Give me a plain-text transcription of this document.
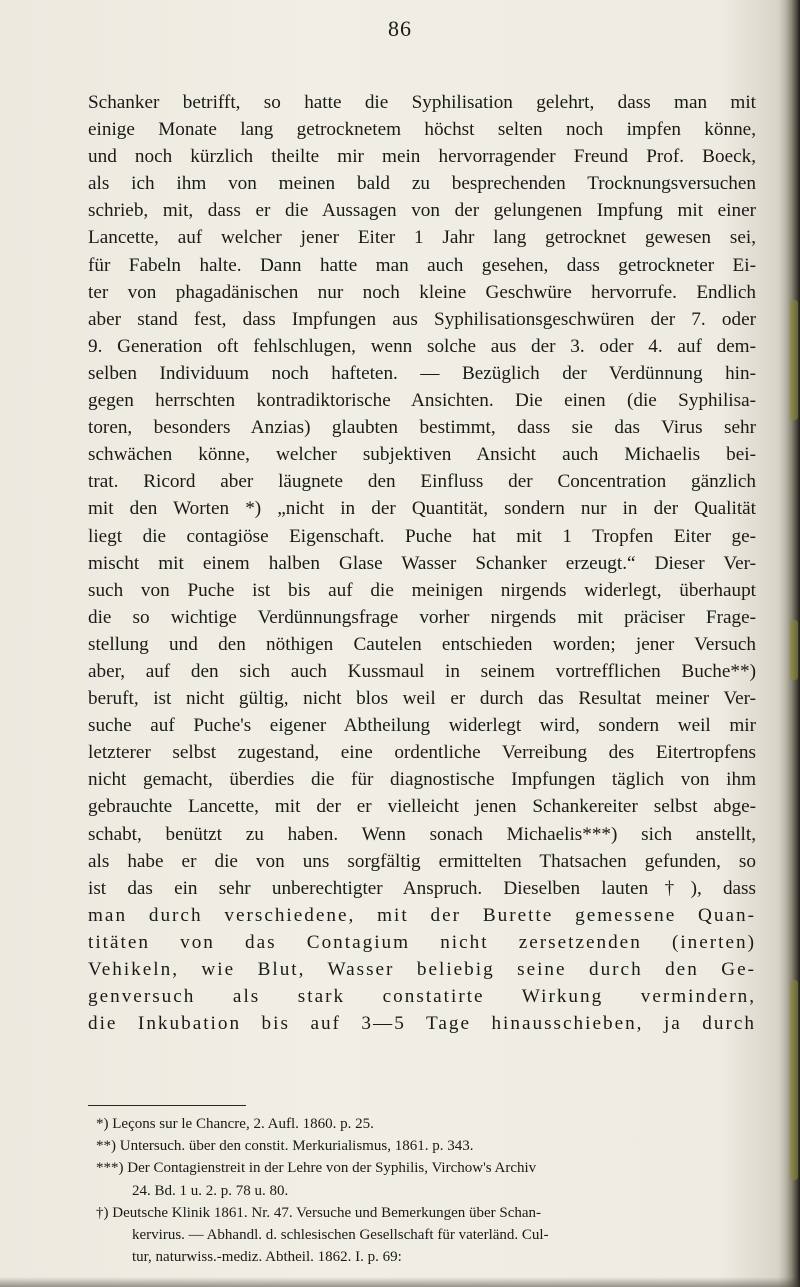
86
Schanker betrifft, so hatte die Syphilisation gelehrt, dass man mit
einige Monate lang getrocknetem höchst selten noch impfen könne,
und noch kürzlich theilte mir mein hervorragender Freund Prof. Boeck,
als ich ihm von meinen bald zu besprechenden Trocknungsversuchen
schrieb, mit, dass er die Aussagen von der gelungenen Impfung mit einer
Lancette, auf welcher jener Eiter 1 Jahr lang getrocknet gewesen sei,
für Fabeln halte. Dann hatte man auch gesehen, dass getrockneter Ei-
ter von phagadänischen nur noch kleine Geschwüre hervorrufe. Endlich
aber stand fest, dass Impfungen aus Syphilisationsgeschwüren der 7. oder
9. Generation oft fehlschlugen, wenn solche aus der 3. oder 4. auf dem-
selben Individuum noch hafteten. — Bezüglich der Verdünnung hin-
gegen herrschten kontradiktorische Ansichten. Die einen (die Syphilisa-
toren, besonders Anzias) glaubten bestimmt, dass sie das Virus sehr
schwächen könne, welcher subjektiven Ansicht auch Michaelis bei-
trat. Ricord aber läugnete den Einfluss der Concentration gänzlich
mit den Worten *) „nicht in der Quantität, sondern nur in der Qualität
liegt die contagiöse Eigenschaft. Puche hat mit 1 Tropfen Eiter ge-
mischt mit einem halben Glase Wasser Schanker erzeugt.“ Dieser Ver-
such von Puche ist bis auf die meinigen nirgends widerlegt, überhaupt
die so wichtige Verdünnungsfrage vorher nirgends mit präciser Frage-
stellung und den nöthigen Cautelen entschieden worden; jener Versuch
aber, auf den sich auch Kussmaul in seinem vortrefflichen Buche**)
beruft, ist nicht gültig, nicht blos weil er durch das Resultat meiner Ver-
suche auf Puche's eigener Abtheilung widerlegt wird, sondern weil mir
letzterer selbst zugestand, eine ordentliche Verreibung des Eitertropfens
nicht gemacht, überdies die für diagnostische Impfungen täglich von ihm
gebrauchte Lancette, mit der er vielleicht jenen Schankereiter selbst abge-
schabt, benützt zu haben. Wenn sonach Michaelis***) sich anstellt,
als habe er die von uns sorgfältig ermittelten Thatsachen gefunden, so
ist das ein sehr unberechtigter Anspruch. Dieselben lauten†), dass
man durch verschiedene, mit der Burette gemessene Quan-
titäten von das Contagium nicht zersetzenden (inerten)
Vehikeln, wie Blut, Wasser beliebig seine durch den Ge-
genversuch als stark constatirte Wirkung vermindern,
die Inkubation bis auf 3—5 Tage hinausschieben, ja durch
*) Leçons sur le Chancre, 2. Aufl. 1860. p. 25.
**) Untersuch. über den constit. Merkurialismus, 1861. p. 343.
***) Der Contagienstreit in der Lehre von der Syphilis, Virchow's Archiv
24. Bd. 1 u. 2. p. 78 u. 80.
†) Deutsche Klinik 1861. Nr. 47. Versuche und Bemerkungen über Schan-
kervirus. — Abhandl. d. schlesischen Gesellschaft für vaterländ. Cul-
tur, naturwiss.-mediz. Abtheil. 1862. I. p. 69:
